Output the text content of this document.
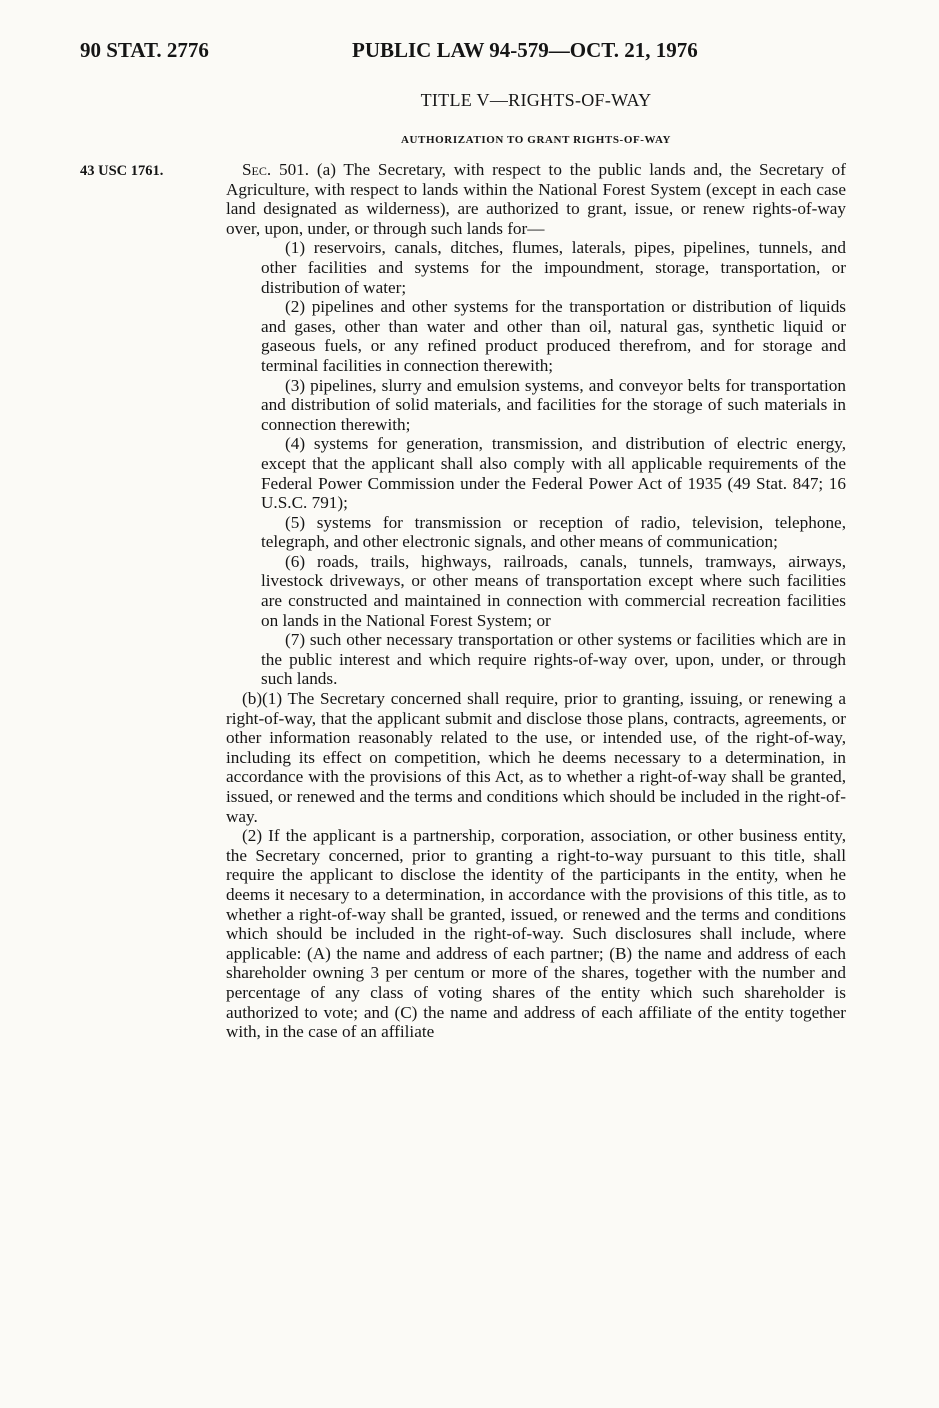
90 STAT. 2776	PUBLIC LAW 94-579—OCT. 21, 1976
TITLE V—RIGHTS-OF-WAY
AUTHORIZATION TO GRANT RIGHTS-OF-WAY
43 USC 1761.	Sec. 501. (a) The Secretary, with respect to the public lands and, the Secretary of Agriculture, with respect to lands within the National Forest System (except in each case land designated as wilderness), are authorized to grant, issue, or renew rights-of-way over, upon, under, or through such lands for—

(1) reservoirs, canals, ditches, flumes, laterals, pipes, pipelines, tunnels, and other facilities and systems for the impoundment, storage, transportation, or distribution of water;

(2) pipelines and other systems for the transportation or distribution of liquids and gases, other than water and other than oil, natural gas, synthetic liquid or gaseous fuels, or any refined product produced therefrom, and for storage and terminal facilities in connection therewith;

(3) pipelines, slurry and emulsion systems, and conveyor belts for transportation and distribution of solid materials, and facilities for the storage of such materials in connection therewith;

(4) systems for generation, transmission, and distribution of electric energy, except that the applicant shall also comply with all applicable requirements of the Federal Power Commission under the Federal Power Act of 1935 (49 Stat. 847; 16 U.S.C. 791);

(5) systems for transmission or reception of radio, television, telephone, telegraph, and other electronic signals, and other means of communication;

(6) roads, trails, highways, railroads, canals, tunnels, tramways, airways, livestock driveways, or other means of transportation except where such facilities are constructed and maintained in connection with commercial recreation facilities on lands in the National Forest System; or

(7) such other necessary transportation or other systems or facilities which are in the public interest and which require rights-of-way over, upon, under, or through such lands.

(b)(1) The Secretary concerned shall require, prior to granting, issuing, or renewing a right-of-way, that the applicant submit and disclose those plans, contracts, agreements, or other information reasonably related to the use, or intended use, of the right-of-way, including its effect on competition, which he deems necessary to a determination, in accordance with the provisions of this Act, as to whether a right-of-way shall be granted, issued, or renewed and the terms and conditions which should be included in the right-of-way.

(2) If the applicant is a partnership, corporation, association, or other business entity, the Secretary concerned, prior to granting a right-to-way pursuant to this title, shall require the applicant to disclose the identity of the participants in the entity, when he deems it necesary to a determination, in accordance with the provisions of this title, as to whether a right-of-way shall be granted, issued, or renewed and the terms and conditions which should be included in the right-of-way. Such disclosures shall include, where applicable: (A) the name and address of each partner; (B) the name and address of each shareholder owning 3 per centum or more of the shares, together with the number and percentage of any class of voting shares of the entity which such shareholder is authorized to vote; and (C) the name and address of each affiliate of the entity together with, in the case of an affiliate
